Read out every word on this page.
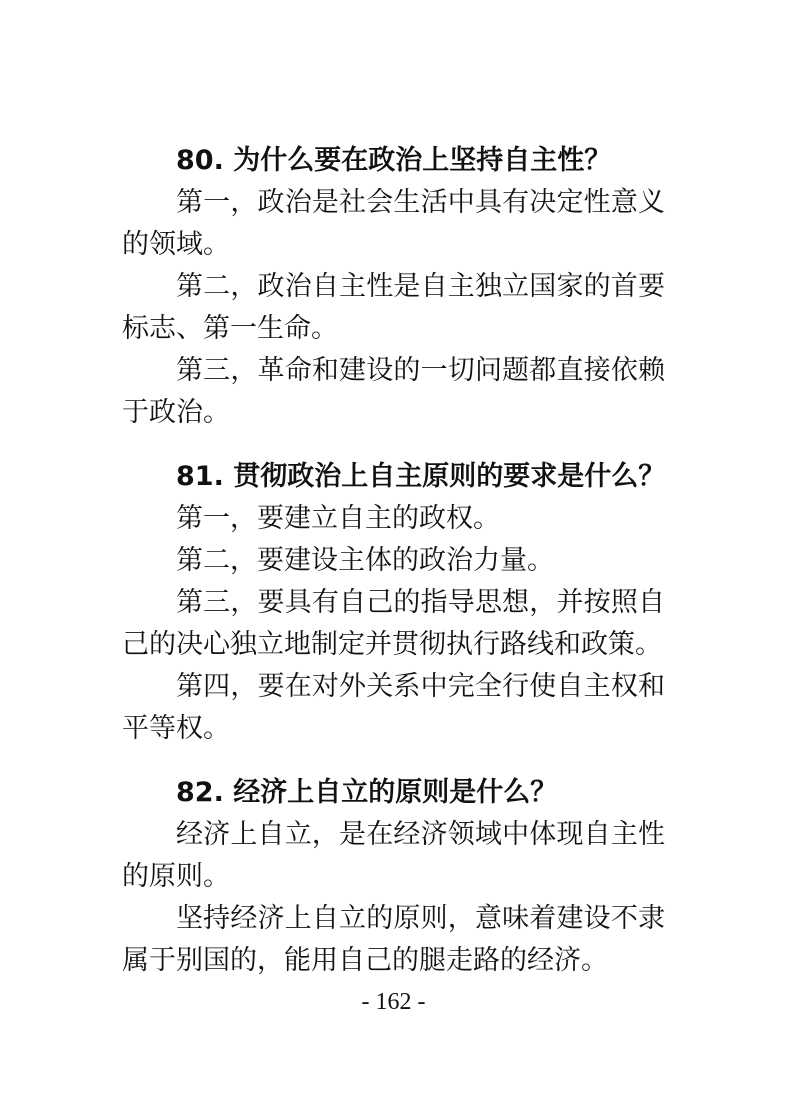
80. 为什么要在政治上坚持自主性？

第一，政治是社会生活中具有决定性意义的领域。

第二，政治自主性是自主独立国家的首要标志、第一生命。

第三，革命和建设的一切问题都直接依赖于政治。

81. 贯彻政治上自主原则的要求是什么？

第一，要建立自主的政权。

第二，要建设主体的政治力量。

第三，要具有自己的指导思想，并按照自己的决心独立地制定并贯彻执行路线和政策。

第四，要在对外关系中完全行使自主权和平等权。

82. 经济上自立的原则是什么？

经济上自立，是在经济领域中体现自主性的原则。

坚持经济上自立的原则，意味着建设不隶属于别国的，能用自己的腿走路的经济。

- 162 -
